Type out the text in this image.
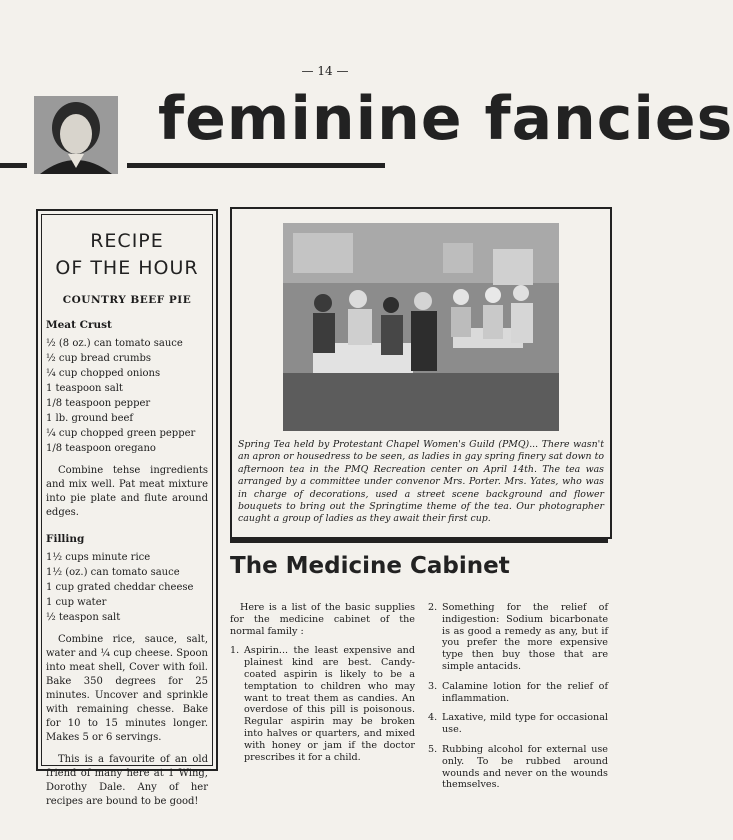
— 14 —
feminine fancies
RECIPE
OF THE HOUR
COUNTRY BEEF PIE
Meat Crust
½ (8 oz.) can tomato sauce
½ cup bread crumbs
¼ cup chopped onions
1 teaspoon salt
1/8 teaspoon pepper
1 lb. ground beef
¼ cup chopped green pepper
1/8 teaspoon oregano
Combine tehse ingredients and mix well. Pat meat mixture into pie plate and flute around edges.
Filling
1½ cups minute rice
1½ (oz.) can tomato sauce
1 cup grated cheddar cheese
1 cup water
½ teaspon salt
Combine rice, sauce, salt, water and ¼ cup cheese. Spoon into meat shell, Cover with foil. Bake 350 degrees for 25 minutes. Uncover and sprinkle with remaining chesse. Bake for 10 to 15 minutes longer. Makes 5 or 6 servings.
This is a favourite of an old friend of many here at 1 Wing, Dorothy Dale. Any of her recipes are bound to be good!
Spring Tea held by Protestant Chapel Women's Guild (PMQ)... There wasn't an apron or housedress to be seen, as ladies in gay spring finery sat down to afternoon tea in the PMQ Recreation center on April 14th. The tea was arranged by a committee under convenor Mrs. Porter. Mrs. Yates, who was in charge of decorations, used a street scene background and flower bouquets to bring out the Springtime theme of the tea. Our photographer caught a group of ladies as they await their first cup.
The Medicine Cabinet
Here is a list of the basic supplies for the medicine cabinet of the normal family :
1. Aspirin... the least expensive and plainest kind are best. Candy-coated aspirin is likely to be a temptation to children who may want to treat them as candies. An overdose of this pill is poisonous. Regular aspirin may be broken into halves or quarters, and mixed with honey or jam if the doctor prescribes it for a child.
2. Something for the relief of indigestion: Sodium bicarbonate is as good a remedy as any, but if you prefer the more expensive type then buy those that are simple antacids.
3. Calamine lotion for the relief of inflammation.
4. Laxative, mild type for occasional use.
5. Rubbing alcohol for external use only. To be rubbed around wounds and never on the wounds themselves.
